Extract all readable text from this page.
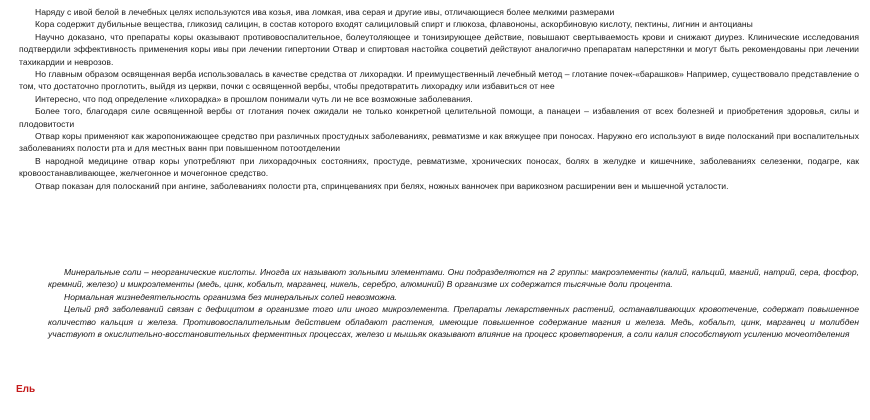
Наряду с ивой белой в лечебных целях используются ива козья, ива ломкая, ива серая и другие ивы, отличающиеся более мелкими размерами

Кора содержит дубильные вещества, гликозид салицин, в состав которого входят салициловый спирт и глюкоза, флавононы, аскорбиновую кислоту, пектины, лигнин и антоцианы

Научно доказано, что препараты коры оказывают противовоспалительное, болеутоляющее и тонизирующее действие, повышают свертываемость крови и снижают диурез. Клинические исследования подтвердили эффективность применения коры ивы при лечении гипертонии Отвар и спиртовая настойка соцветий действуют аналогично препаратам наперстянки и могут быть рекомендованы при лечении тахикардии и неврозов.

Но главным образом освященная верба использовалась в качестве средства от лихорадки. И преимущественный лечебный метод – глотание почек-«барашков» Например, существовало представление о том, что достаточно проглотить, выйдя из церкви, почки с освященной вербы, чтобы предотвратить лихорадку или избавиться от нее

Интересно, что под определение «лихорадка» в прошлом понимали чуть ли не все возможные заболевания.

Более того, благодаря силе освященной вербы от глотания почек ожидали не только конкретной целительной помощи, а панацеи – избавления от всех болезней и приобретения здоровья, силы и плодовитости

Отвар коры применяют как жаропонижающее средство при различных простудных заболеваниях, ревматизме и как вяжущее при поносах. Наружно его используют в виде полосканий при воспалительных заболеваниях полости рта и для местных ванн при повышенном потоотделении

В народной медицине отвар коры употребляют при лихорадочных состояниях, простуде, ревматизме, хронических поносах, болях в желудке и кишечнике, заболеваниях селезенки, подагре, как кровоостанавливающее, желчегонное и мочегонное средство.

Отвар показан для полосканий при ангине, заболеваниях полости рта, спринцеваниях при белях, ножных ванночек при варикозном расширении вен и мышечной усталости.

Минеральные соли – неорганические кислоты. Иногда их называют зольными элементами. Они подразделяются на 2 группы: макроэлементы (калий, кальций, магний, натрий, сера, фосфор, кремний, железо) и микроэлементы (медь, цинк, кобальт, марганец, никель, серебро, алюминий) В организме их содержатся тысячные доли процента.

Нормальная жизнедеятельность организма без минеральных солей невозможна.

Целый ряд заболеваний связан с дефицитом в организме того или иного микроэлемента. Препараты лекарственных растений, останавливающих кровотечение, содержат повышенное количество кальция и железа. Противовоспалительным действием обладают растения, имеющие повышенное содержание магния и железа. Медь, кобальт, цинк, марганец и молибден участвуют в окислительно-восстановительных ферментных процессах, железо и мышьяк оказывают влияние на процесс кроветворения, а соли калия способствуют усилению мочеотделения

Ель
